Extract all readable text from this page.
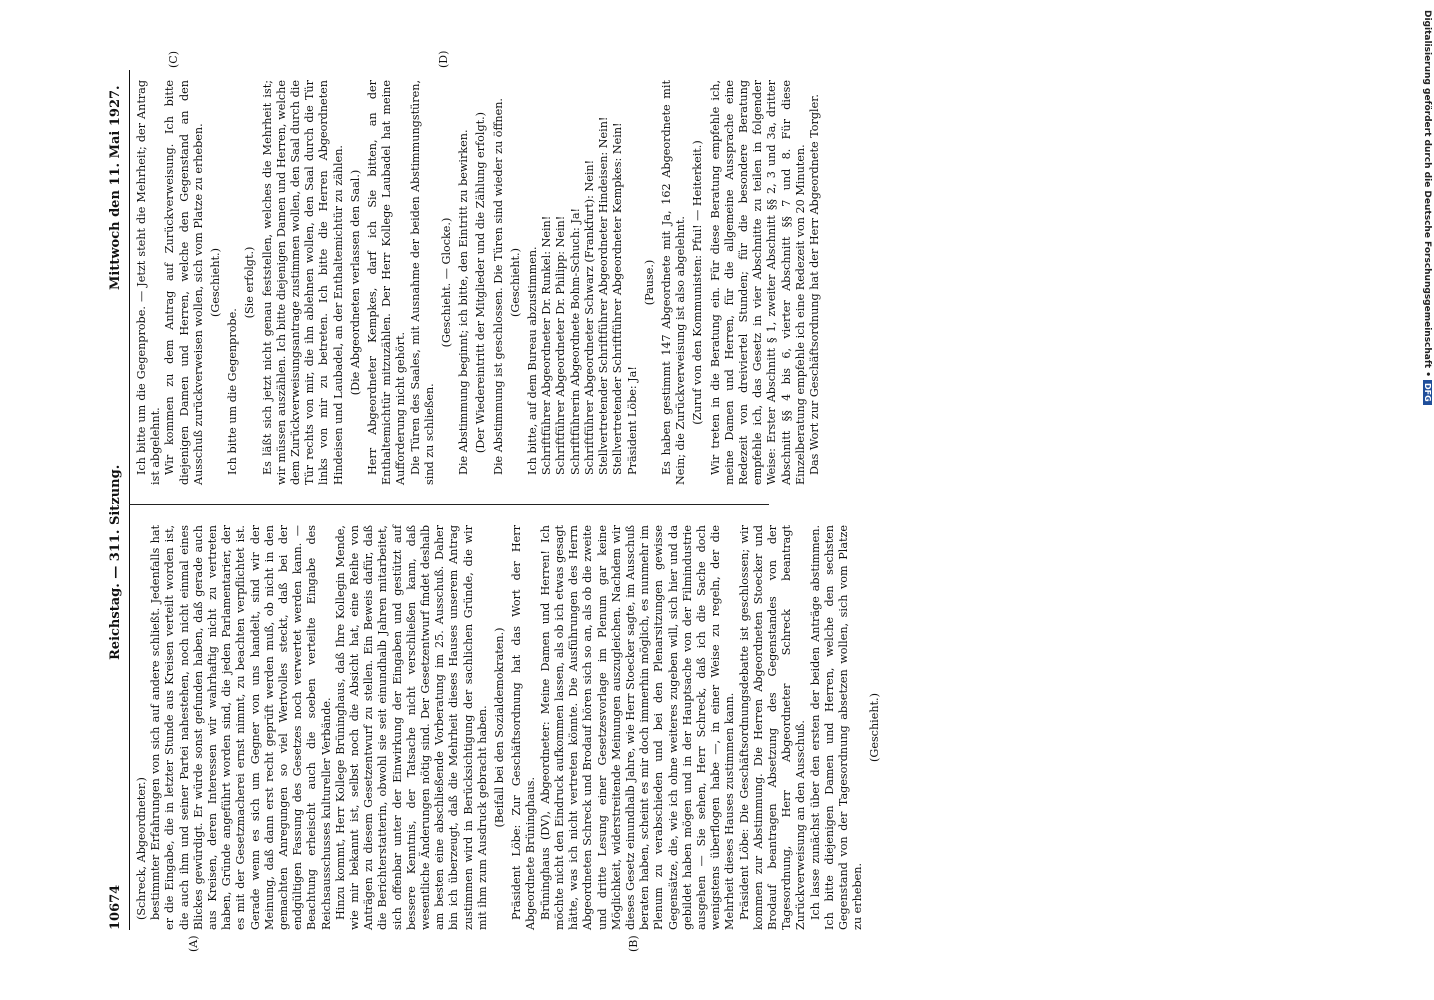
10674
Reichstag. — 311. Sitzung.
Mittwoch den 11. Mai 1927.
(A)	(B)
(C)	(D)

(Schreck, Abgeordneter.) bestimmter Erfahrungen von sich auf andere schließt. Jedenfalls hat er die Eingabe, die in letzter Stunde aus Kreisen verteilt worden ist, die auch ihm und seiner Partei nahestehen, noch nicht einmal eines Blickes gewürdigt. Er würde sonst gefunden haben, daß gerade auch aus Kreisen, deren Interessen wir wahrhaftig nicht zu vertreten haben, Gründe angeführt worden sind, die jeden Parlamentarier, der es mit der Gesetzmacherei ernst nimmt, zu beachten verpflichtet ist. Gerade wenn es sich um Gegner von uns handelt, sind wir der Meinung, daß dann erst recht geprüft werden muß, ob nicht in den gemachten Anregungen so viel Wertvolles steckt, daß bei der endgültigen Fassung des Gesetzes noch verwertet werden kann. — Beachtung erheischt auch die soeben verteilte Eingabe des Reichsausschusses kultureller Verbände. Hinzu kommt, Herr Kollege Brüninghaus, daß Ihre Kollegin Mende, wie mir bekannt ist, selbst noch die Absicht hat, eine Reihe von Anträgen zu diesem Gesetzentwurf zu stellen. Ein Beweis dafür, daß die Berichterstatterin, obwohl sie seit einundhalb Jahren mitarbeitet, sich offenbar unter der Einwirkung der Eingaben und gestützt auf bessere Kenntnis, der Tatsache nicht verschließen kann, daß wesentliche Änderungen nötig sind. Der Gesetzentwurf findet deshalb am besten eine abschließende Vorberatung im 25. Ausschuß. Daher bin ich überzeugt, daß die Mehrheit dieses Hauses unserem Antrag zustimmen wird in Berücksichtigung der sachlichen Gründe, die wir mit ihm zum Ausdruck gebracht haben. (Beifall bei den Sozialdemokraten.) Präsident Löbe: Zur Geschäftsordnung hat das Wort der Herr Abgeordnete Brüninghaus. Brüninghaus (DV), Abgeordneter: Meine Damen und Herren! Ich möchte nicht den Eindruck aufkommen lassen, als ob ich etwas gesagt hätte, was ich nicht vertreten könnte. Die Ausführungen des Herrn Abgeordneten Schreck und Brodauf hören sich so an, als ob die zweite und dritte Lesung einer Gesetzesvorlage im Plenum gar keine Möglichkeit, widerstreitende Meinungen auszugleichen. Nachdem wir dieses Gesetz einundhalb Jahre, wie Herr Stoecker sagte, im Ausschuß beraten haben, scheint es mir doch immerhin möglich, es nunmehr im Plenum zu verabschieden und bei den Plenarsitzungen gewisse Gegensätze, die, wie ich ohne weiteres zugeben will, sich hier und da gebildet haben mögen und in der Hauptsache von der Filmindustrie ausgehen — Sie sehen, Herr Schreck, daß ich die Sache doch wenigstens überflogen habe —, in einer Weise zu regeln, der die Mehrheit dieses Hauses zustimmen kann. Präsident Löbe: Die Geschäftsordnungsdebatte ist geschlossen; wir kommen zur Abstimmung. Die Herren Abgeordneten Stoecker und Brodauf beantragen Absetzung des Gegenstandes von der Tagesordnung, Herr Abgeordneter Schreck beantragt Zurückverweisung an den Ausschuß. Ich lasse zunächst über den ersten der beiden Anträge abstimmen. Ich bitte diejenigen Damen und Herren, welche den sechsten Gegenstand von der Tagesordnung absetzen wollen, sich vom Platze zu erheben.

(Geschieht.)

Ich bitte um die Gegenprobe. — Jetzt steht die Mehrheit; der Antrag ist abgelehnt. Wir kommen zu dem Antrag auf Zurückverweisung. Ich bitte diejenigen Damen und Herren, welche den Gegenstand an den Ausschuß zurückverweisen wollen, sich vom Platze zu erheben. (Geschieht.)

Ich bitte um die Gegenprobe.

(Sie erfolgt.) Es läßt sich jetzt nicht genau feststellen, welches die Mehrheit ist; wir müssen auszählen. Ich bitte diejenigen Damen und Herren, welche dem Zurückverweisungsantrage zustimmen wollen, den Saal durch die Tür rechts von mir, die ihn ablehnen wollen, den Saal durch die Tür links von mir zu betreten. Ich bitte die Herren Abgeordneten Hindeisen und Laubadel, an der Enthaltemichtür zu zählen. (Die Abgeordneten verlassen den Saal.) Herr Abgeordneter Kempkes, darf ich Sie bitten, an der Enthaltemichtür mitzuzählen. Der Herr Kollege Laubadel hat meine Aufforderung nicht gehört. Die Türen des Saales, mit Ausnahme der beiden Abstimmungstüren, sind zu schließen.

(Geschieht. — Glocke.) Die Abstimmung beginnt; ich bitte, den Eintritt zu bewirken. (Der Wiedereintritt der Mitglieder und die Zählung erfolgt.) Die Abstimmung ist geschlossen. Die Türen sind wieder zu öffnen. (Geschieht.) Ich bitte, auf dem Bureau abzustimmen. Schriftführer Abgeordneter Dr. Runkel: Nein! Schriftführer Abgeordneter Dr. Philipp: Nein! Schriftführerin Abgeordnete Bohm-Schuch: Ja! Schriftführer Abgeordneter Schwarz (Frankfurt): Nein! Stellvertretender Schriftführer Abgeordneter Hindeisen: Nein! Stellvertretender Schriftführer Abgeordneter Kempkes: Nein! Präsident Löbe: Ja!

(Pause.) Es haben gestimmt 147 Abgeordnete mit Ja, 162 Abgeordnete mit Nein; die Zurückverweisung ist also abgelehnt. (Zuruf von den Kommunisten: Pfui! — Heiterkeit.) Wir treten in die Beratung ein. Für diese Beratung empfehle ich, meine Damen und Herren, für die allgemeine Aussprache eine Redezeit von dreiviertel Stunden; für die besondere Beratung empfehle ich, das Gesetz in vier Abschnitte zu teilen in folgender Weise: Erster Abschnitt § 1, zweiter Abschnitt §§ 2, 3 und 3a, dritter Abschnitt §§ 4 bis 6, vierter Abschnitt §§ 7 und 8. Für diese Einzelberatung empfehle ich eine Redezeit von 20 Minuten. Das Wort zur Geschäftsordnung hat der Herr Abgeordnete Torgler.	Digitalisierung gefördert durch die Deutsche Forschungsgemeinschaft •DFG
